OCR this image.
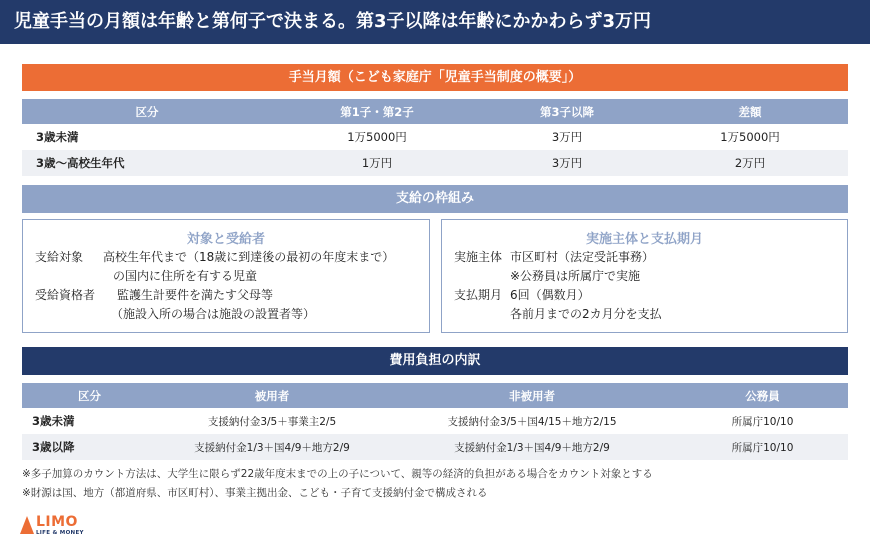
児童手当の月額は年齢と第何子で決まる。第3子以降は年齢にかかわらず3万円
手当月額（こども家庭庁「児童手当制度の概要」）
区分	第1子・第2子	第3子以降	差額
3歳未満	1万5000円	3万円	1万5000円
3歳～高校生年代	1万円	3万円	2万円
支給の枠組み
対象と受給者
支給対象 高校生年代まで（18歳に到達後の最初の年度末まで）
の国内に住所を有する児童
受給資格者 監護生計要件を満たす父母等
（施設入所の場合は施設の設置者等）
実施主体と支払期月
実施主体 市区町村（法定受託事務）
※公務員は所属庁で実施
支払期月 6回（偶数月）
各前月までの2カ月分を支払
費用負担の内訳
区分	被用者	非被用者	公務員
3歳未満	支援納付金3/5＋事業主2/5	支援納付金3/5＋国4/15＋地方2/15	所属庁10/10
3歳以降	支援納付金1/3＋国4/9＋地方2/9	支援納付金1/3＋国4/9＋地方2/9	所属庁10/10
※多子加算のカウント方法は、大学生に限らず22歳年度末までの上の子について、親等の経済的負担がある場合をカウント対象とする
※財源は国、地方（都道府県、市区町村）、事業主拠出金、こども・子育て支援納付金で構成される
LIMO
LIFE & MONEY
